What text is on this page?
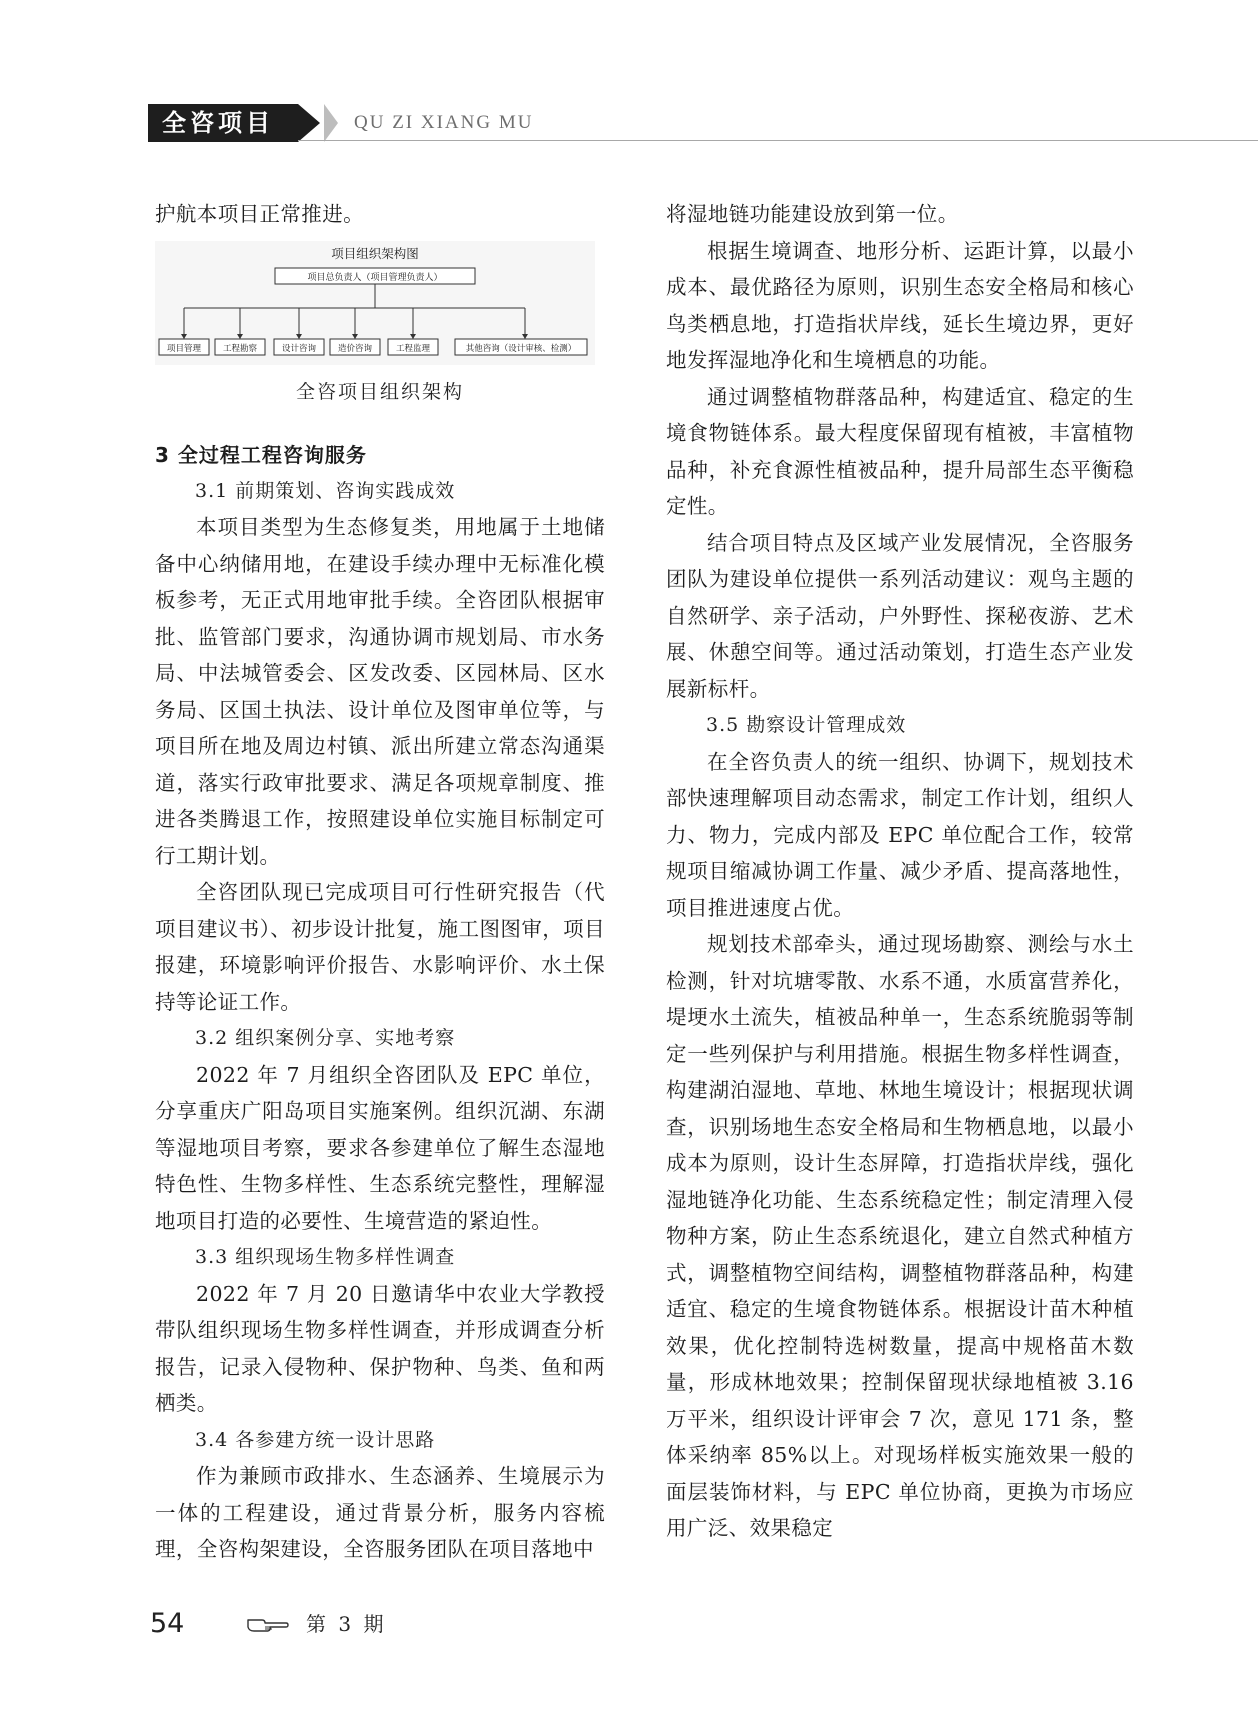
全咨项目	QU ZI XIANG MU

护航本项目正常推进。

项目组织架构图
项目总负责人（项目管理负责人）
项目管理	工程勘察	设计咨询	造价咨询	工程监理	其他咨询（设计审核、检测）

全咨项目组织架构

3 全过程工程咨询服务

3.1 前期策划、咨询实践成效

本项目类型为生态修复类，用地属于土地储备中心纳储用地，在建设手续办理中无标准化模板参考，无正式用地审批手续。全咨团队根据审批、监管部门要求，沟通协调市规划局、市水务局、中法城管委会、区发改委、区园林局、区水务局、区国土执法、设计单位及图审单位等，与项目所在地及周边村镇、派出所建立常态沟通渠道，落实行政审批要求、满足各项规章制度、推进各类腾退工作，按照建设单位实施目标制定可行工期计划。

全咨团队现已完成项目可行性研究报告（代项目建议书）、初步设计批复，施工图图审，项目报建，环境影响评价报告、水影响评价、水土保持等论证工作。

3.2 组织案例分享、实地考察

2022 年 7 月组织全咨团队及 EPC 单位，分享重庆广阳岛项目实施案例。组织沉湖、东湖等湿地项目考察，要求各参建单位了解生态湿地特色性、生物多样性、生态系统完整性，理解湿地项目打造的必要性、生境营造的紧迫性。

3.3 组织现场生物多样性调查

2022 年 7 月 20 日邀请华中农业大学教授带队组织现场生物多样性调查，并形成调查分析报告，记录入侵物种、保护物种、鸟类、鱼和两栖类。

3.4 各参建方统一设计思路

作为兼顾市政排水、生态涵养、生境展示为一体的工程建设，通过背景分析，服务内容梳理，全咨构架建设，全咨服务团队在项目落地中

将湿地链功能建设放到第一位。

根据生境调查、地形分析、运距计算，以最小成本、最优路径为原则，识别生态安全格局和核心鸟类栖息地，打造指状岸线，延长生境边界，更好地发挥湿地净化和生境栖息的功能。

通过调整植物群落品种，构建适宜、稳定的生境食物链体系。最大程度保留现有植被，丰富植物品种，补充食源性植被品种，提升局部生态平衡稳定性。

结合项目特点及区域产业发展情况，全咨服务团队为建设单位提供一系列活动建议：观鸟主题的自然研学、亲子活动，户外野性、探秘夜游、艺术展、休憩空间等。通过活动策划，打造生态产业发展新标杆。

3.5 勘察设计管理成效

在全咨负责人的统一组织、协调下，规划技术部快速理解项目动态需求，制定工作计划，组织人力、物力，完成内部及 EPC 单位配合工作，较常规项目缩减协调工作量、减少矛盾、提高落地性，项目推进速度占优。

规划技术部牵头，通过现场勘察、测绘与水土检测，针对坑塘零散、水系不通，水质富营养化，堤埂水土流失，植被品种单一，生态系统脆弱等制定一些列保护与利用措施。根据生物多样性调查，构建湖泊湿地、草地、林地生境设计；根据现状调查，识别场地生态安全格局和生物栖息地，以最小成本为原则，设计生态屏障，打造指状岸线，强化湿地链净化功能、生态系统稳定性；制定清理入侵物种方案，防止生态系统退化，建立自然式种植方式，调整植物空间结构，调整植物群落品种，构建适宜、稳定的生境食物链体系。根据设计苗木种植效果，优化控制特选树数量，提高中规格苗木数量，形成林地效果；控制保留现状绿地植被 3.16 万平米，组织设计评审会 7 次，意见 171 条，整体采纳率 85%以上。对现场样板实施效果一般的面层装饰材料，与 EPC 单位协商，更换为市场应用广泛、效果稳定

54	第 3 期
